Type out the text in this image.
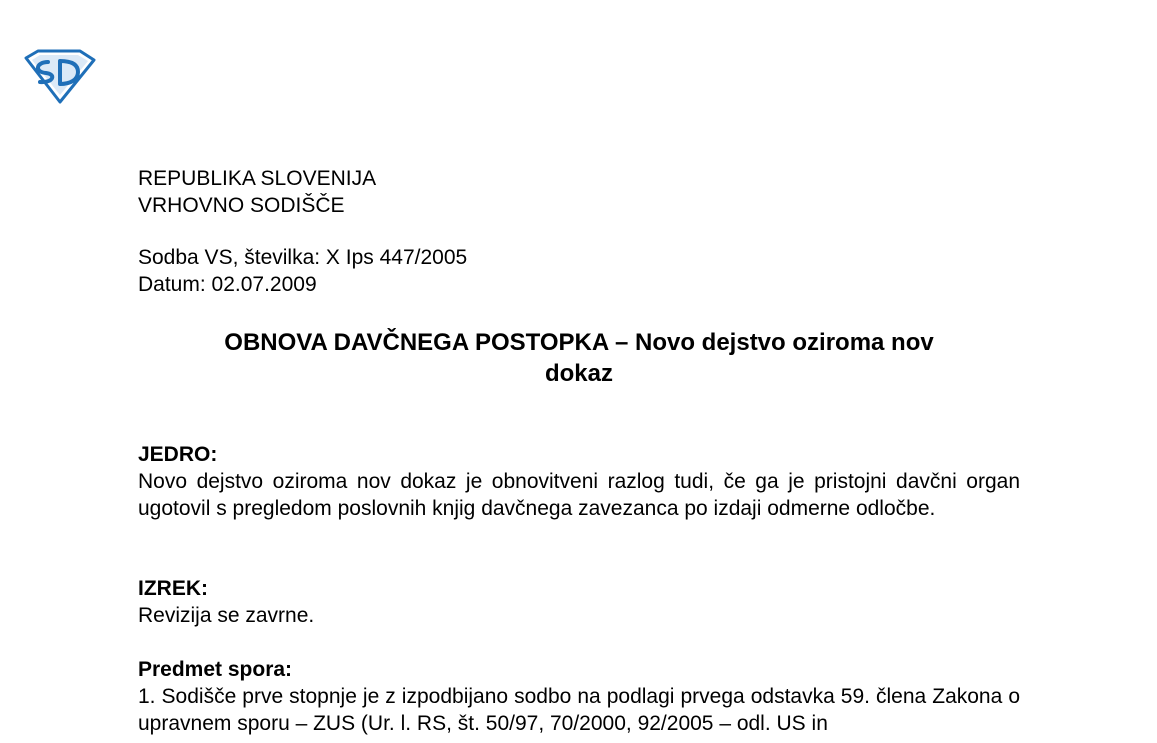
REPUBLIKA SLOVENIJA
VRHOVNO SODIŠČE
Sodba VS, številka: X Ips 447/2005
Datum: 02.07.2009
OBNOVA DAVČNEGA POSTOPKA – Novo dejstvo oziroma nov
dokaz
JEDRO:
Novo dejstvo oziroma nov dokaz je obnovitveni razlog tudi, če ga je pristojni davčni organ ugotovil s pregledom poslovnih knjig davčnega zavezanca po izdaji odmerne odločbe.
IZREK:
Revizija se zavrne.
Predmet spora:
1. Sodišče prve stopnje je z izpodbijano sodbo na podlagi prvega odstavka 59. člena Zakona o upravnem sporu – ZUS (Ur. l. RS, št. 50/97, 70/2000, 92/2005 – odl. US in
